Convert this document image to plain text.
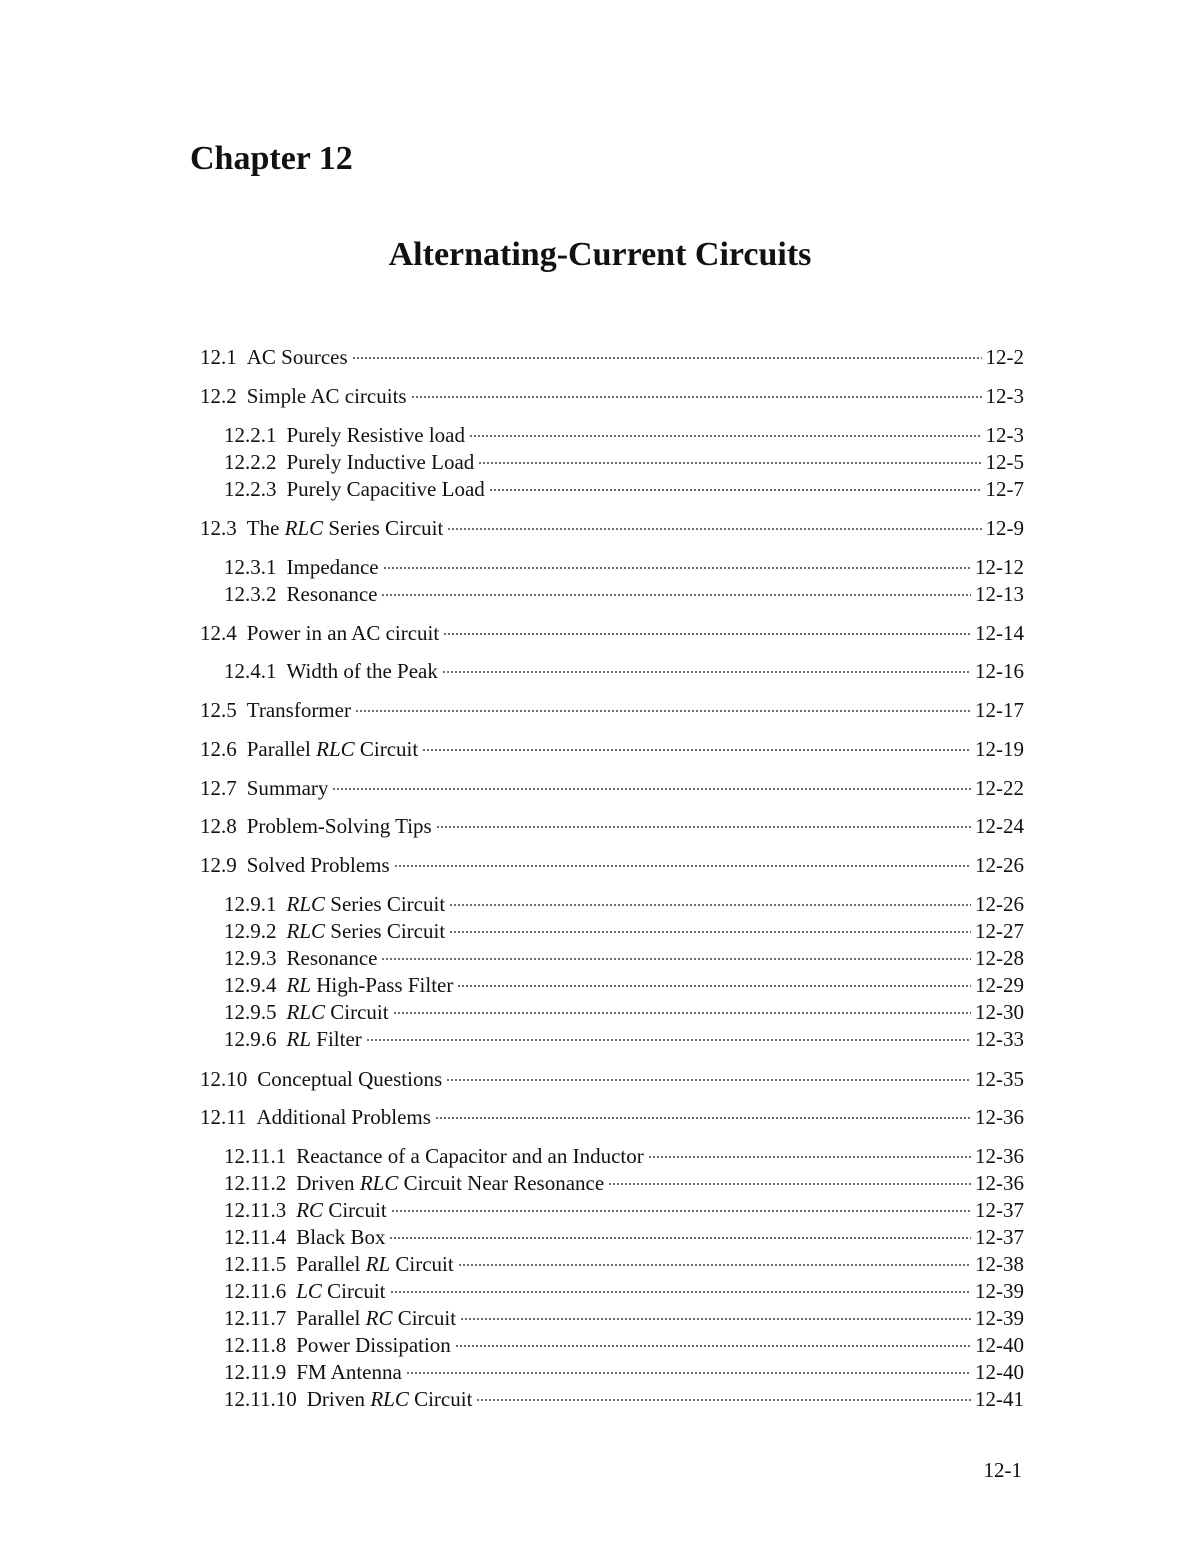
Chapter 12
Alternating-Current Circuits
12.1 AC Sources	12-2
12.2 Simple AC circuits	12-3
12.2.1 Purely Resistive load	12-3
12.2.2 Purely Inductive Load	12-5
12.2.3 Purely Capacitive Load	12-7
12.3 The RLC Series Circuit	12-9
12.3.1 Impedance	12-12
12.3.2 Resonance	12-13
12.4 Power in an AC circuit	12-14
12.4.1 Width of the Peak	12-16
12.5 Transformer	12-17
12.6 Parallel RLC Circuit	12-19
12.7 Summary	12-22
12.8 Problem-Solving Tips	12-24
12.9 Solved Problems	12-26
12.9.1 RLC Series Circuit	12-26
12.9.2 RLC Series Circuit	12-27
12.9.3 Resonance	12-28
12.9.4 RL High-Pass Filter	12-29
12.9.5 RLC Circuit	12-30
12.9.6 RL Filter	12-33
12.10 Conceptual Questions	12-35
12.11 Additional Problems	12-36
12.11.1 Reactance of a Capacitor and an Inductor	12-36
12.11.2 Driven RLC Circuit Near Resonance	12-36
12.11.3 RC Circuit	12-37
12.11.4 Black Box	12-37
12.11.5 Parallel RL Circuit	12-38
12.11.6 LC Circuit	12-39
12.11.7 Parallel RC Circuit	12-39
12.11.8 Power Dissipation	12-40
12.11.9 FM Antenna	12-40
12.11.10 Driven RLC Circuit	12-41
12-1
